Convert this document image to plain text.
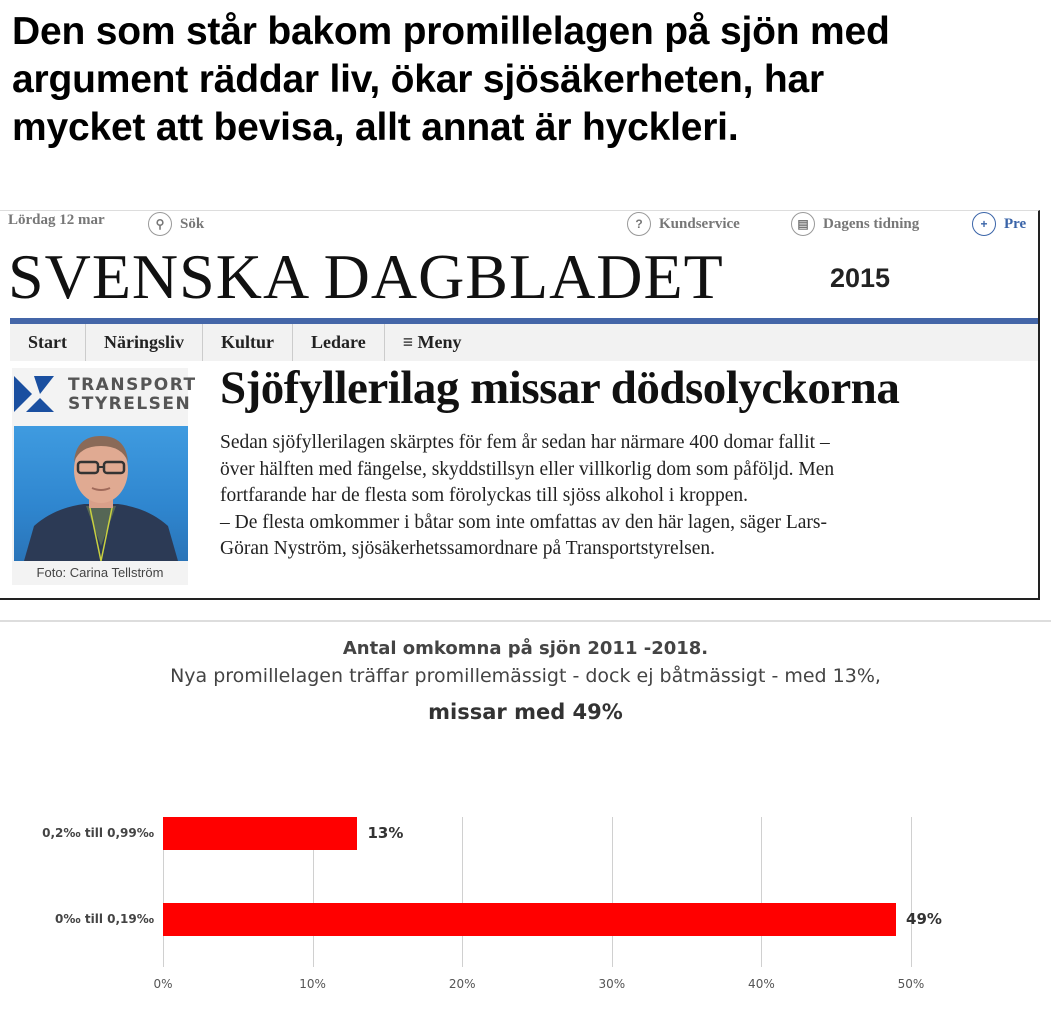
Den som står bakom promillelagen på sjön med
argument räddar liv, ökar sjösäkerheten, har
mycket att bevisa, allt annat är hyckleri.
Lördag 12 mar	⚲	Sök	?	Kundservice	▤ Dagens tidning	+	Pre
SVENSKA DAGBLADET	2015
Start	Näringsliv	Kultur	Ledare	≡ Meny
TRANSPORT
STYRELSEN
Foto: Carina Tellström
Sjöfyllerilag missar dödsolyckorna

Sedan sjöfyllerilagen skärptes för fem år sedan har närmare 400 domar fallit –

över hälften med fängelse, skyddstillsyn eller villkorlig dom som påföljd. Men

fortfarande har de flesta som förolyckas till sjöss alkohol i kroppen.

– De flesta omkommer i båtar som inte omfattas av den här lagen, säger Lars-

Göran Nyström, sjösäkerhetssamordnare på Transportstyrelsen.

Antal omkomna på sjön 2011 -2018.
Nya promillelagen träffar promillemässigt - dock ej båtmässigt - med 13%,
missar med 49%
13%
49%
0,2‰ till 0,99‰
0‰ till 0,19‰
0%	10%	20%	30%	40%	50%
